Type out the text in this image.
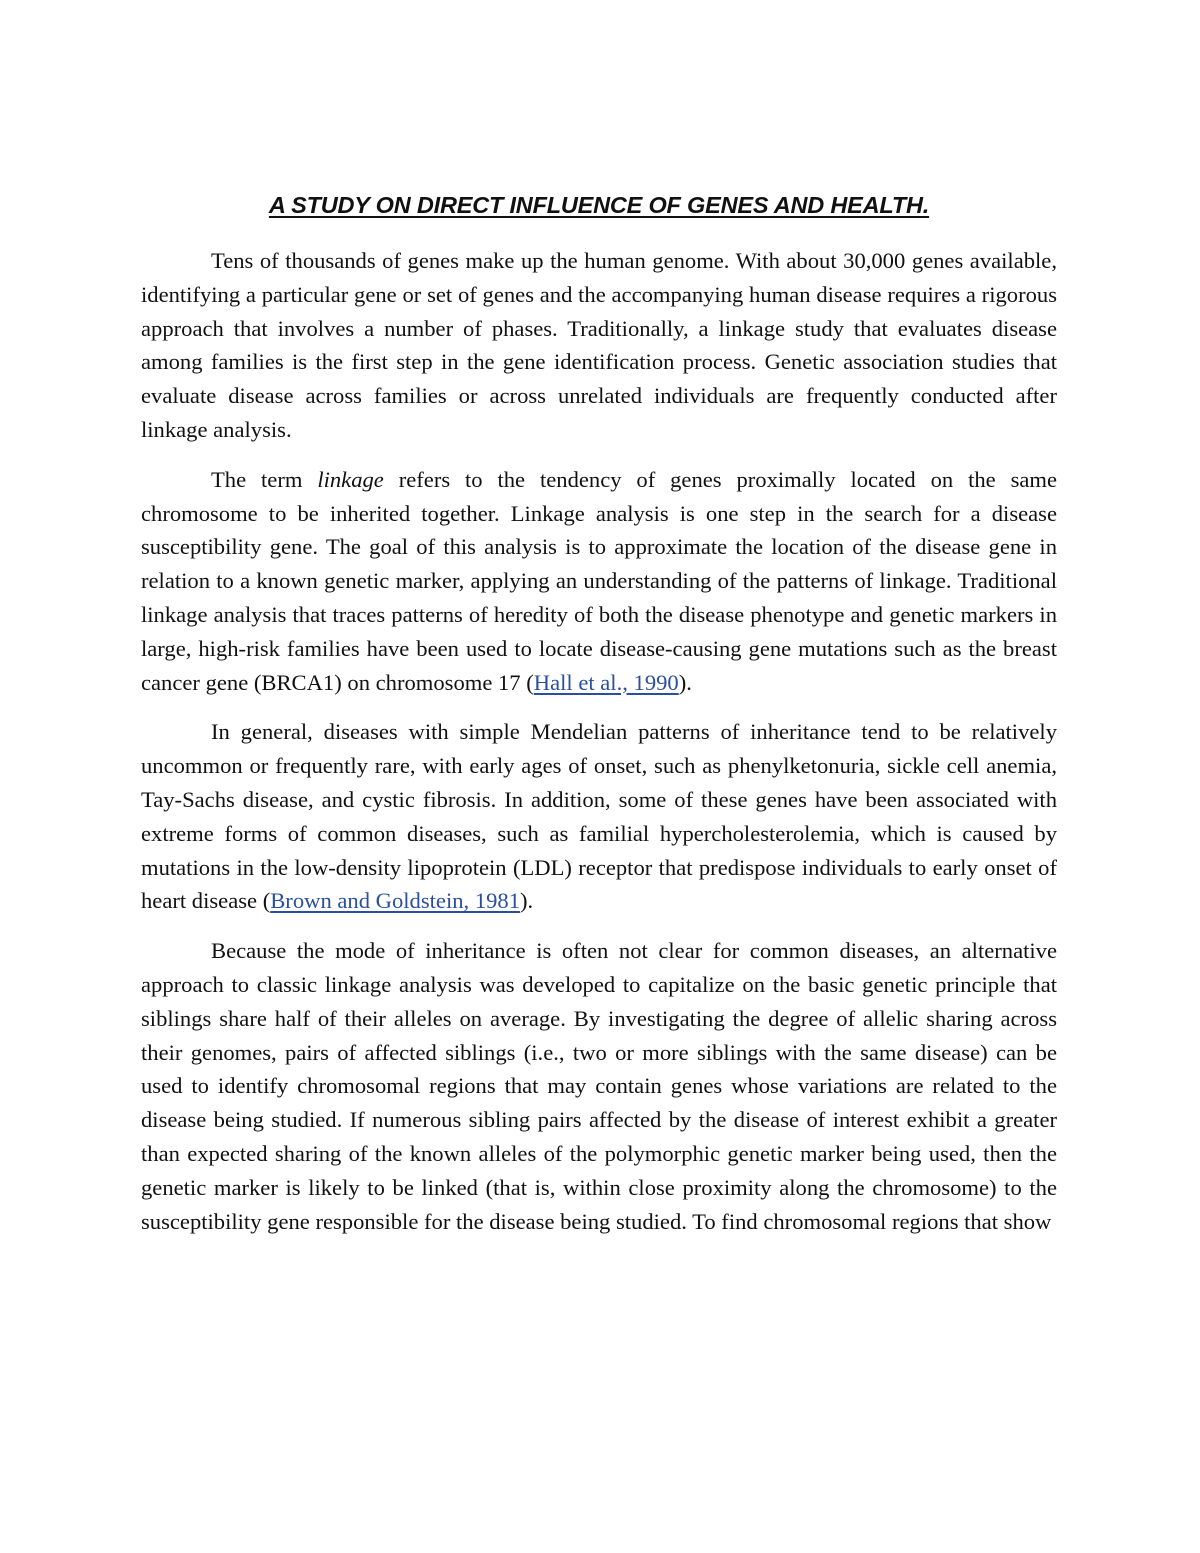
A STUDY ON DIRECT INFLUENCE OF GENES AND HEALTH.

Tens of thousands of genes make up the human genome. With about 30,000 genes available, identifying a particular gene or set of genes and the accompanying human disease requires a rigorous approach that involves a number of phases. Traditionally, a linkage study that evaluates disease among families is the first step in the gene identification process. Genetic association studies that evaluate disease across families or across unrelated individuals are frequently conducted after linkage analysis.

The term linkage refers to the tendency of genes proximally located on the same chromosome to be inherited together. Linkage analysis is one step in the search for a disease susceptibility gene. The goal of this analysis is to approximate the location of the disease gene in relation to a known genetic marker, applying an understanding of the patterns of linkage. Traditional linkage analysis that traces patterns of heredity of both the disease phenotype and genetic markers in large, high-risk families have been used to locate disease-causing gene mutations such as the breast cancer gene (BRCA1) on chromosome 17 (Hall et al., 1990).

In general, diseases with simple Mendelian patterns of inheritance tend to be relatively uncommon or frequently rare, with early ages of onset, such as phenylketonuria, sickle cell anemia, Tay-Sachs disease, and cystic fibrosis. In addition, some of these genes have been associated with extreme forms of common diseases, such as familial hypercholesterolemia, which is caused by mutations in the low-density lipoprotein (LDL) receptor that predispose individuals to early onset of heart disease (Brown and Goldstein, 1981).

Because the mode of inheritance is often not clear for common diseases, an alternative approach to classic linkage analysis was developed to capitalize on the basic genetic principle that siblings share half of their alleles on average. By investigating the degree of allelic sharing across their genomes, pairs of affected siblings (i.e., two or more siblings with the same disease) can be used to identify chromosomal regions that may contain genes whose variations are related to the disease being studied. If numerous sibling pairs affected by the disease of interest exhibit a greater than expected sharing of the known alleles of the polymorphic genetic marker being used, then the genetic marker is likely to be linked (that is, within close proximity along the chromosome) to the susceptibility gene responsible for the disease being studied. To find chromosomal regions that show
